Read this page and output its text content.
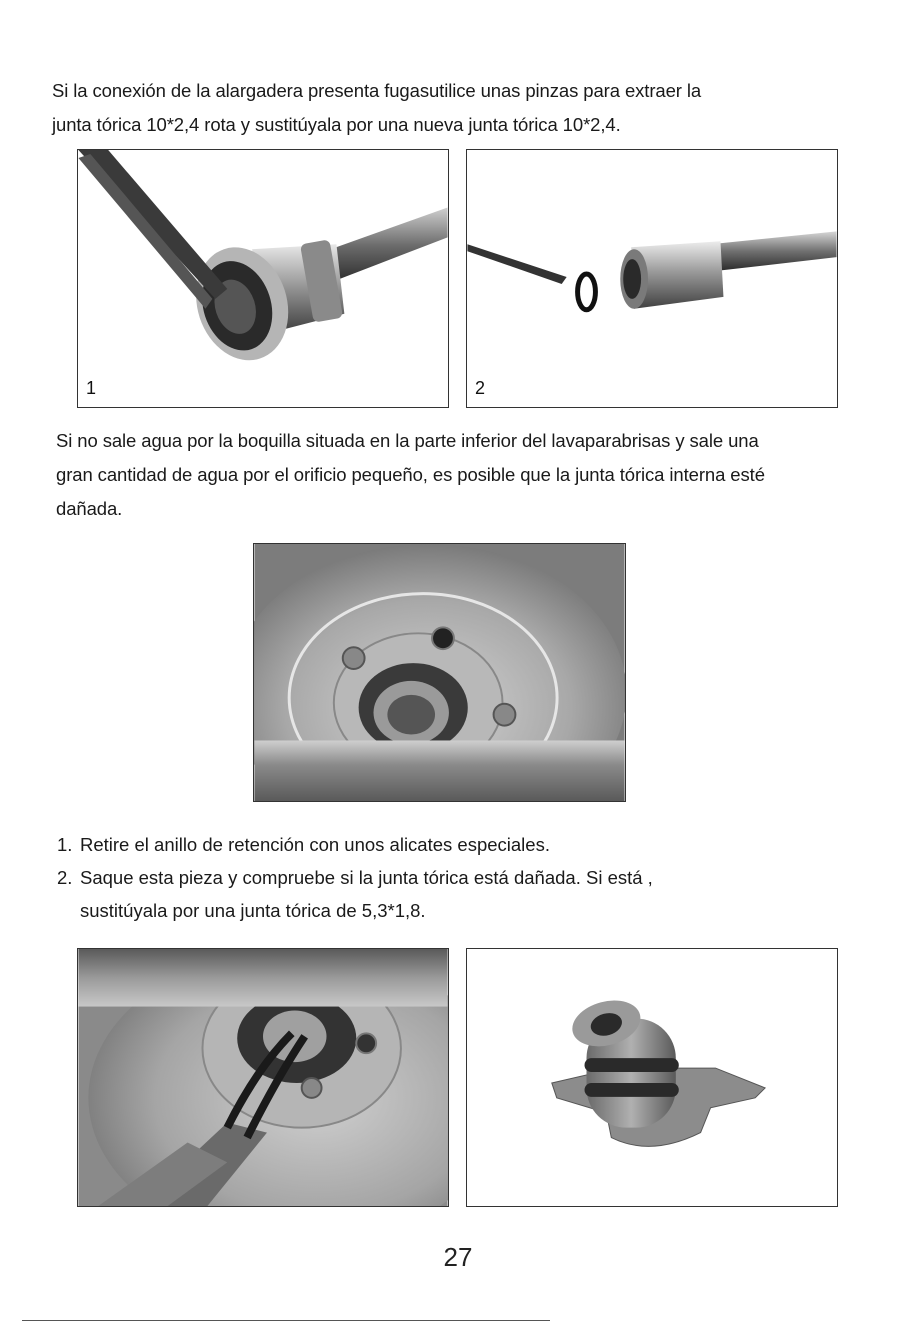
Si la conexión de la alargadera presenta fugasutilice unas pinzas para extraer la
junta tórica 10*2,4 rota y sustitúyala por una nueva junta tórica 10*2,4.
1	2
Si no sale agua por la boquilla situada en la parte inferior del lavaparabrisas y sale una
gran cantidad de agua por el orificio pequeño, es posible que la junta tórica interna esté
dañada.
1. Retire el anillo de retención con unos alicates especiales.
2. Saque esta pieza y compruebe si la junta tórica está dañada. Si está ,
sustitúyala por una junta tórica de 5,3*1,8.
27
